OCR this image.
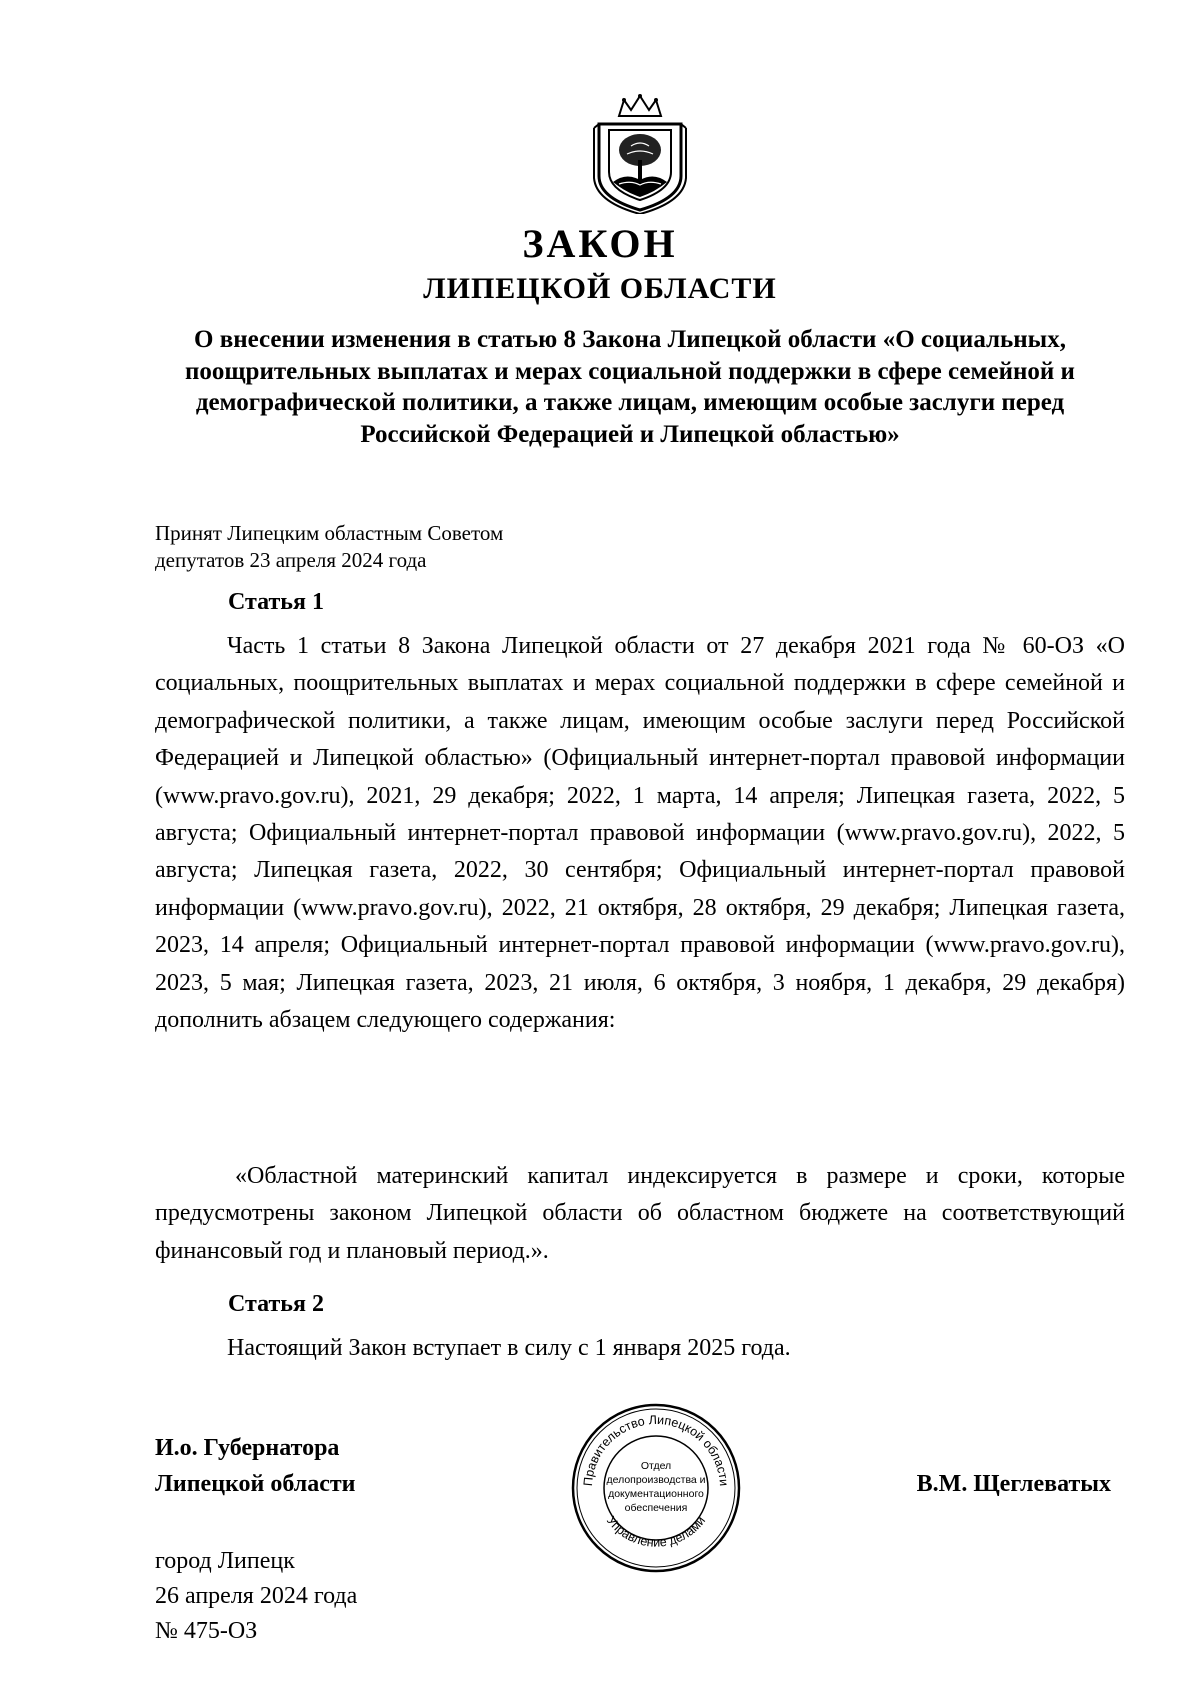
ЗАКОН
ЛИПЕЦКОЙ ОБЛАСТИ
О внесении изменения в статью 8 Закона Липецкой области «О социальных, поощрительных выплатах и мерах социальной поддержки в сфере семейной и демографической политики, а также лицам, имеющим особые заслуги перед Российской Федерацией и Липецкой областью»
Принят Липецким областным Советом
депутатов 23 апреля 2024 года
Статья 1

Часть 1 статьи 8 Закона Липецкой области от 27 декабря 2021 года № 60-ОЗ «О социальных, поощрительных выплатах и мерах социальной поддержки в сфере семейной и демографической политики, а также лицам, имеющим особые заслуги перед Российской Федерацией и Липецкой областью» (Официальный интернет-портал правовой информации (www.pravo.gov.ru), 2021, 29 декабря; 2022, 1 марта, 14 апреля; Липецкая газета, 2022, 5 августа; Официальный интернет-портал правовой информации (www.pravo.gov.ru), 2022, 5 августа; Липецкая газета, 2022, 30 сентября; Официальный интернет-портал правовой информации (www.pravo.gov.ru), 2022, 21 октября, 28 октября, 29 декабря; Липецкая газета, 2023, 14 апреля; Официальный интернет-портал правовой информации (www.pravo.gov.ru), 2023, 5 мая; Липецкая газета, 2023, 21 июля, 6 октября, 3 ноября, 1 декабря, 29 декабря) дополнить абзацем следующего содержания:

«Областной материнский капитал индексируется в размере и сроки, которые предусмотрены законом Липецкой области об областном бюджете на соответствующий финансовый год и плановый период.».

Статья 2

Настоящий Закон вступает в силу с 1 января 2025 года.

И.о. Губернатора
Липецкой области	Правительство Липецкой области
Управление делами
Отдел
делопроизводства и
документационного
обеспечения
В.М. Щеглеватых
город Липецк
26 апреля 2024 года
№ 475-ОЗ
